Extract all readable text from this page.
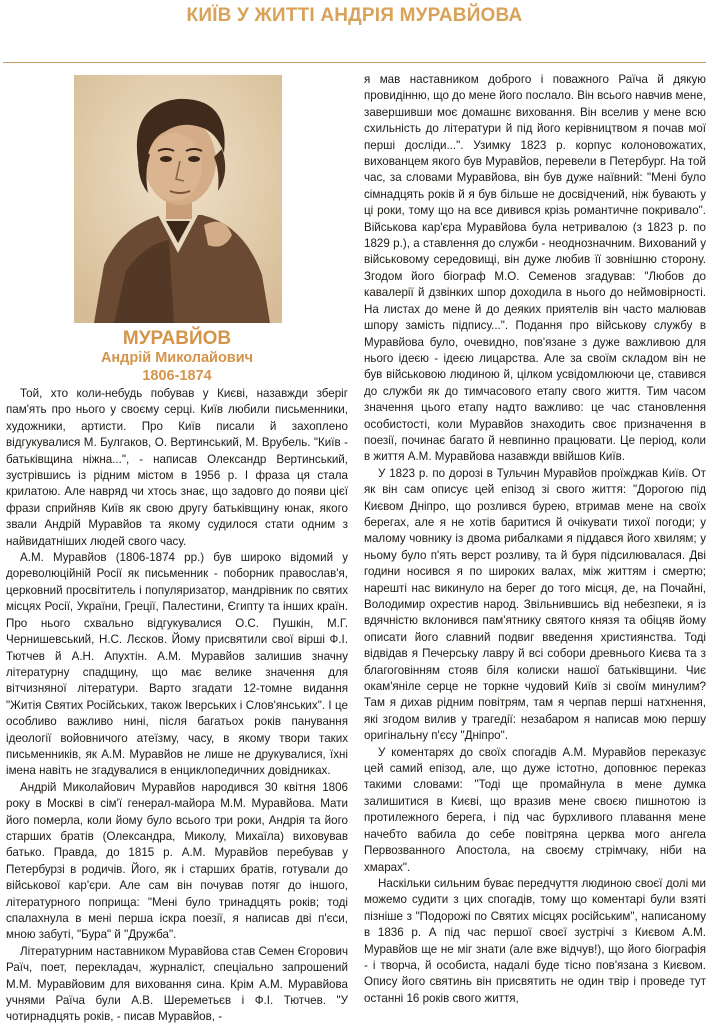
КИЇВ У ЖИТТІ АНДРІЯ МУРАВЙОВА
МУРАВЙОВ
Андрій Миколайович
1806-1874

Той, хто коли-небудь побував у Києві, назавжди зберіг пам'ять про нього у своєму серці. Київ любили письменники, художники, артисти. Про Київ писали й захоплено відгукувалися М. Булгаков, О. Вертинський, М. Врубель. "Київ - батьківщина ніжна...", - написав Олександр Вертинський, зустрівшись із рідним містом в 1956 р. І фраза ця стала крилатою. Але навряд чи хтось знає, що задовго до появи цієї фрази сприйняв Київ як свою другу батьківщину юнак, якого звали Андрій Муравйов та якому судилося стати одним з найвидатніших людей свого часу.

А.М. Муравйов (1806-1874 рр.) був широко відомий у дореволюційній Росії як письменник - поборник православ'я, церковний просвітитель і популяризатор, мандрівник по святих місцях Росії, України, Греції, Палестини, Єгипту та інших країн. Про нього схвально відгукувалися О.С. Пушкін, М.Г. Чернишевський, Н.С. Лєсков. Йому присвятили свої вірші Ф.І. Тютчев й А.Н. Апухтін. А.М. Муравйов залишив значну літературну спадщину, що має велике значення для вітчизняної літератури. Варто згадати 12-томне видання "Житія Святих Російських, також Іверських і Слов'янських". І це особливо важливо нині, після багатьох років панування ідеології войовничого атеїзму, часу, в якому твори таких письменників, як А.М. Муравйов не лише не друкувалися, їхні імена навіть не згадувалися в енциклопедичних довідниках.

Андрій Миколайович Муравйов народився 30 квітня 1806 року в Москві в сім'ї генерал-майора М.М. Муравйова. Мати його померла, коли йому було всього три роки, Андрія та його старших братів (Олександра, Миколу, Михаїла) виховував батько. Правда, до 1815 р. А.М. Муравйов перебував у Петербурзі в родичів. Його, як і старших братів, готували до військової кар'єри. Але сам він почував потяг до іншого, літературного поприща: "Мені було тринадцять років; тоді спалахнула в мені перша іскра поезії, я написав дві п'єси, мною забуті, "Бура" й "Дружба".

Літературним наставником Муравйова став Семен Єгорович Раїч, поет, перекладач, журналіст, спеціально запрошений М.М. Муравйовим для виховання сина. Крім А.М. Муравйова учнями Раїча були А.В. Шереметьєв і Ф.І. Тютчев. "У чотирнадцять років, - писав Муравйов, -

я мав наставником доброго і поважного Раїча й дякую провидінню, що до мене його послало. Він всього навчив мене, завершивши моє домашнє виховання. Він вселив у мене всю схильність до літератури й під його керівництвом я почав мої перші досліди...". Узимку 1823 р. корпус колоновожатих, вихованцем якого був Муравйов, перевели в Петербург. На той час, за словами Муравйова, він був дуже наївний: "Мені було сімнадцять років й я був більше не досвідчений, ніж бувають у ці роки, тому що на все дивився крізь романтичне покривало". Військова кар'єра Муравйова була нетривалою (з 1823 р. по 1829 р.), а ставлення до служби - неоднозначним. Вихований у військовому середовищі, він дуже любив її зовнішню сторону. Згодом його біограф М.О. Семенов згадував: "Любов до кавалерії й дзвінких шпор доходила в нього до неймовірності. На листах до мене й до деяких приятелів він часто малював шпору замість підпису...". Подання про військову службу в Муравйова було, очевидно, пов'язане з дуже важливою для нього ідеєю - ідеєю лицарства. Але за своїм складом він не був військовою людиною й, цілком усвідомлюючи це, ставився до служби як до тимчасового етапу свого життя. Тим часом значення цього етапу надто важливо: це час становлення особистості, коли Муравйов знаходить своє призначення в поезії, починає багато й невпинно працювати. Це період, коли в життя А.М. Муравйова назавжди ввійшов Київ.

У 1823 р. по дорозі в Тульчин Муравйов проїжджав Київ. От як він сам описує цей епізод зі свого життя: "Дорогою під Києвом Дніпро, що розлився бурею, втримав мене на своїх берегах, але я не хотів баритися й очікувати тихої погоди; у малому човнику із двома рибалками я піддався його хвилям; у ньому було п'ять верст розливу, та й буря підсилювалася. Дві години носився я по широких валах, між життям і смертю; нарешті нас викинуло на берег до того місця, де, на Почайні, Володимир охрестив народ. Звільнившись від небезпеки, я із вдячністю вклонився пам'ятнику святого князя та обіцяв йому описати його славний подвиг введення християнства. Тоді відвідав я Печерську лавру й всі собори древнього Києва та з благоговінням стояв біля колиски нашої батьківщини. Чиє окам'яніле серце не торкне чудовий Київ зі своїм минулим? Там я дихав рідним повітрям, там я черпав перші натхнення, які згодом вилив у трагедії: незабаром я написав мою першу оригінальну п'єсу "Дніпро".

У коментарях до своїх спогадів А.М. Муравйов переказує цей самий епізод, але, що дуже істотно, доповнює переказ такими словами: "Тоді ще промайнула в мене думка залишитися в Києві, що вразив мене своєю пишнотою із протилежного берега, і під час бурхливого плавання мене начебто вабила до себе повітряна церква мого ангела Первозванного Апостола, на своєму стрімчаку, ніби на хмарах".

Наскільки сильним буває передчуття людиною своєї долі ми можемо судити з цих спогадів, тому що коментарі були взяті пізніше з "Подорожі по Святих місцях російським", написаному в 1836 р. А під час першої своєї зустрічі з Києвом А.М. Муравйов ще не міг знати (але вже відчув!), що його біографія - і творча, й особиста, надалі буде тісно пов'язана з Києвом. Опису його святинь він присвятить не один твір і проведе тут останні 16 років свого життя,
